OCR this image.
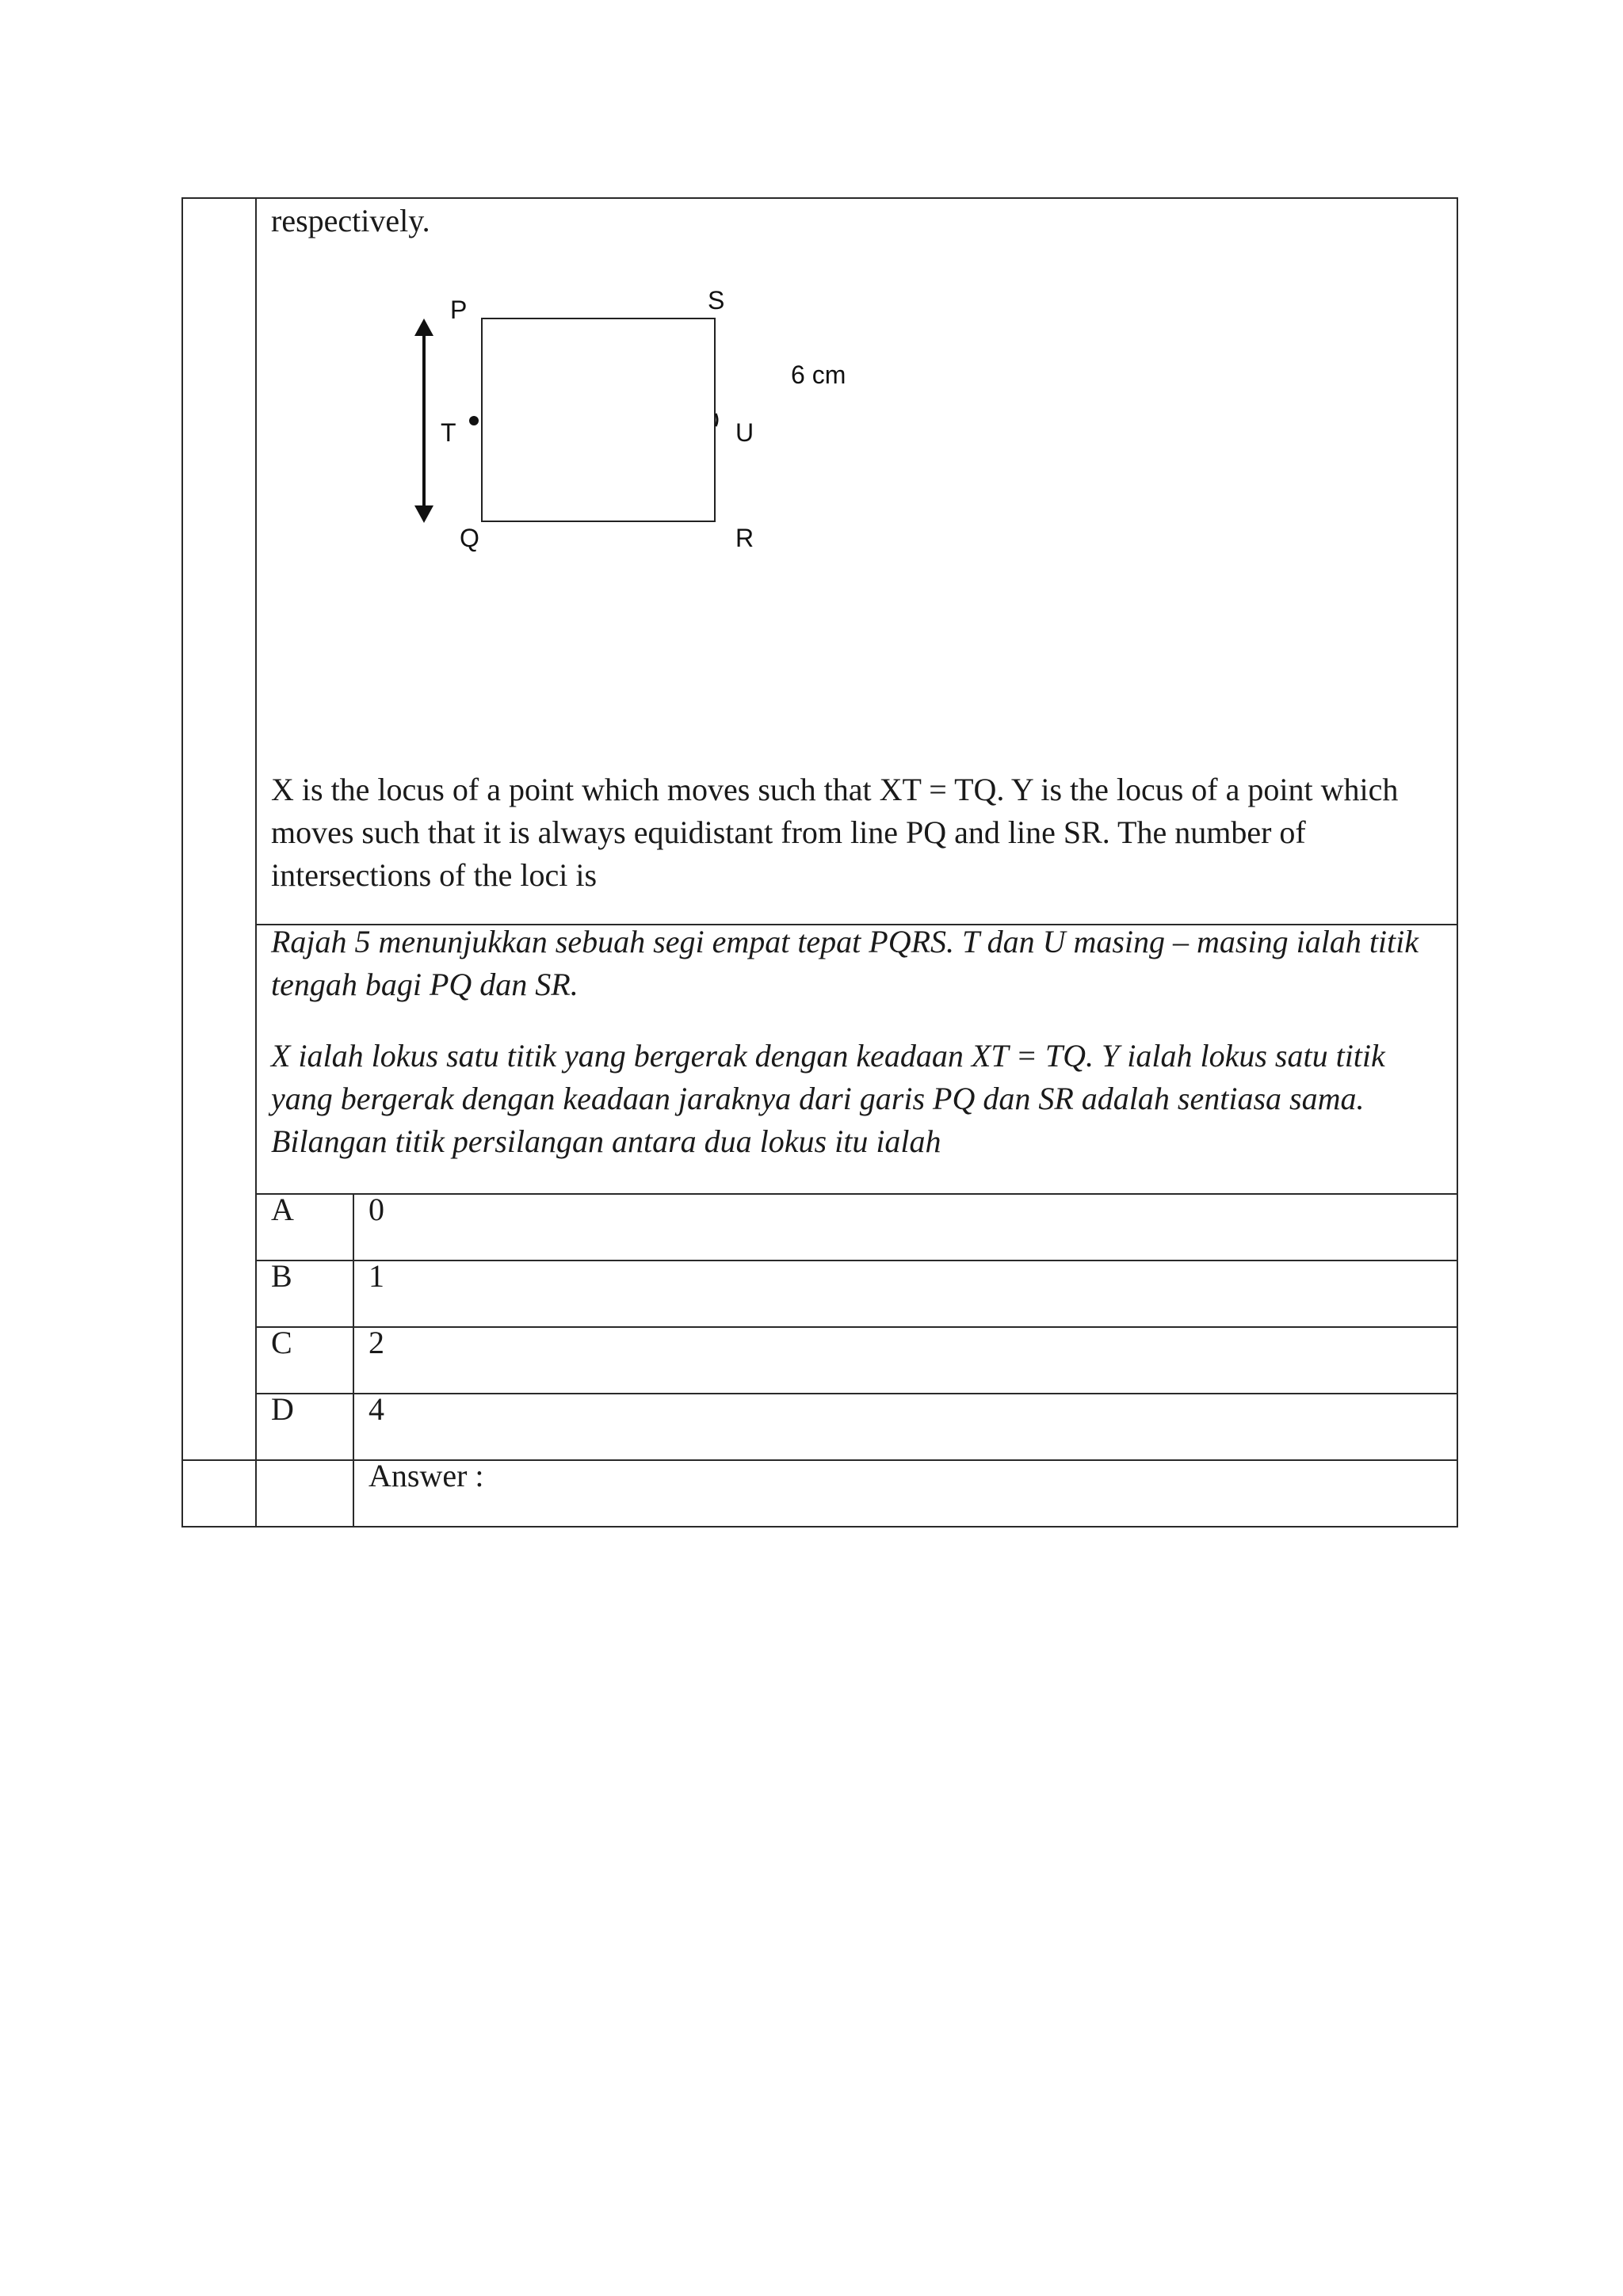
respectively.
P	S
6 cm
T	U
Q	R
X is the locus of a point which moves such that XT = TQ. Y is the locus of a point which moves such that it is always equidistant from line PQ and line SR. The number of intersections of the loci is
Rajah 5 menunjukkan sebuah segi empat tepat PQRS. T dan U masing – masing ialah titik tengah bagi PQ dan SR.
X ialah lokus satu titik yang bergerak dengan keadaan XT = TQ. Y ialah lokus satu titik yang bergerak dengan keadaan jaraknya dari garis PQ dan SR adalah sentiasa sama. Bilangan titik persilangan antara dua lokus itu ialah
A 0
B 1
C 2
D 4
Answer :
